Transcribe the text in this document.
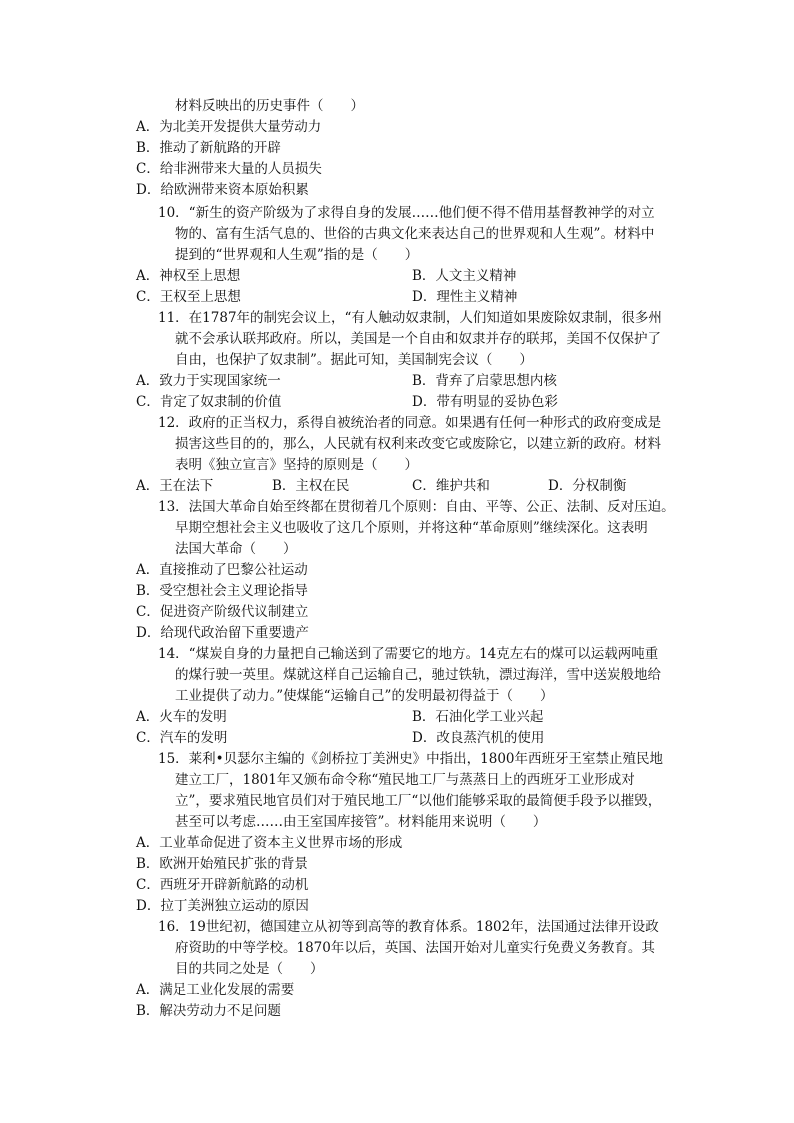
材料反映出的历史事件（　　）
A．为北美开发提供大量劳动力
B．推动了新航路的开辟
C．给非洲带来大量的人员损失
D．给欧洲带来资本原始积累
10．“新生的资产阶级为了求得自身的发展……他们便不得不借用基督教神学的对立
物的、富有生活气息的、世俗的古典文化来表达自己的世界观和人生观”。材料中
提到的“世界观和人生观”指的是（　　）
A．神权至上思想	B．人文主义精神
C．王权至上思想	D．理性主义精神
11．在1787年的制宪会议上，“有人触动奴隶制，人们知道如果废除奴隶制，很多州
就不会承认联邦政府。所以，美国是一个自由和奴隶并存的联邦，美国不仅保护了
自由，也保护了奴隶制”。据此可知，美国制宪会议（　　）
A．致力于实现国家统一	B．背弃了启蒙思想内核
C．肯定了奴隶制的价值	D．带有明显的妥协色彩
12．政府的正当权力，系得自被统治者的同意。如果遇有任何一种形式的政府变成是
损害这些目的的，那么，人民就有权利来改变它或废除它，以建立新的政府。材料
表明《独立宣言》坚持的原则是（　　）
A．王在法下	B．主权在民	C．维护共和	D．分权制衡
13．法国大革命自始至终都在贯彻着几个原则：自由、平等、公正、法制、反对压迫。
早期空想社会主义也吸收了这几个原则，并将这种“革命原则”继续深化。这表明
法国大革命（　　）
A．直接推动了巴黎公社运动
B．受空想社会主义理论指导
C．促进资产阶级代议制建立
D．给现代政治留下重要遗产
14．“煤炭自身的力量把自己输送到了需要它的地方。14克左右的煤可以运载两吨重
的煤行驶一英里。煤就这样自己运输自己，驰过铁轨，漂过海洋，雪中送炭般地给
工业提供了动力。”使煤能“运输自己”的发明最初得益于（　　）
A．火车的发明	B．石油化学工业兴起
C．汽车的发明	D．改良蒸汽机的使用
15．莱利•贝瑟尔主编的《剑桥拉丁美洲史》中指出，1800年西班牙王室禁止殖民地
建立工厂，1801年又颁布命令称“殖民地工厂与蒸蒸日上的西班牙工业形成对
立”，要求殖民地官员们对于殖民地工厂“以他们能够采取的最简便手段予以摧毁，
甚至可以考虑……由王室国库接管”。材料能用来说明（　　）
A．工业革命促进了资本主义世界市场的形成
B．欧洲开始殖民扩张的背景
C．西班牙开辟新航路的动机
D．拉丁美洲独立运动的原因
16．19世纪初，德国建立从初等到高等的教育体系。1802年，法国通过法律开设政
府资助的中等学校。1870年以后，英国、法国开始对儿童实行免费义务教育。其
目的共同之处是（　　）
A．满足工业化发展的需要
B．解决劳动力不足问题
